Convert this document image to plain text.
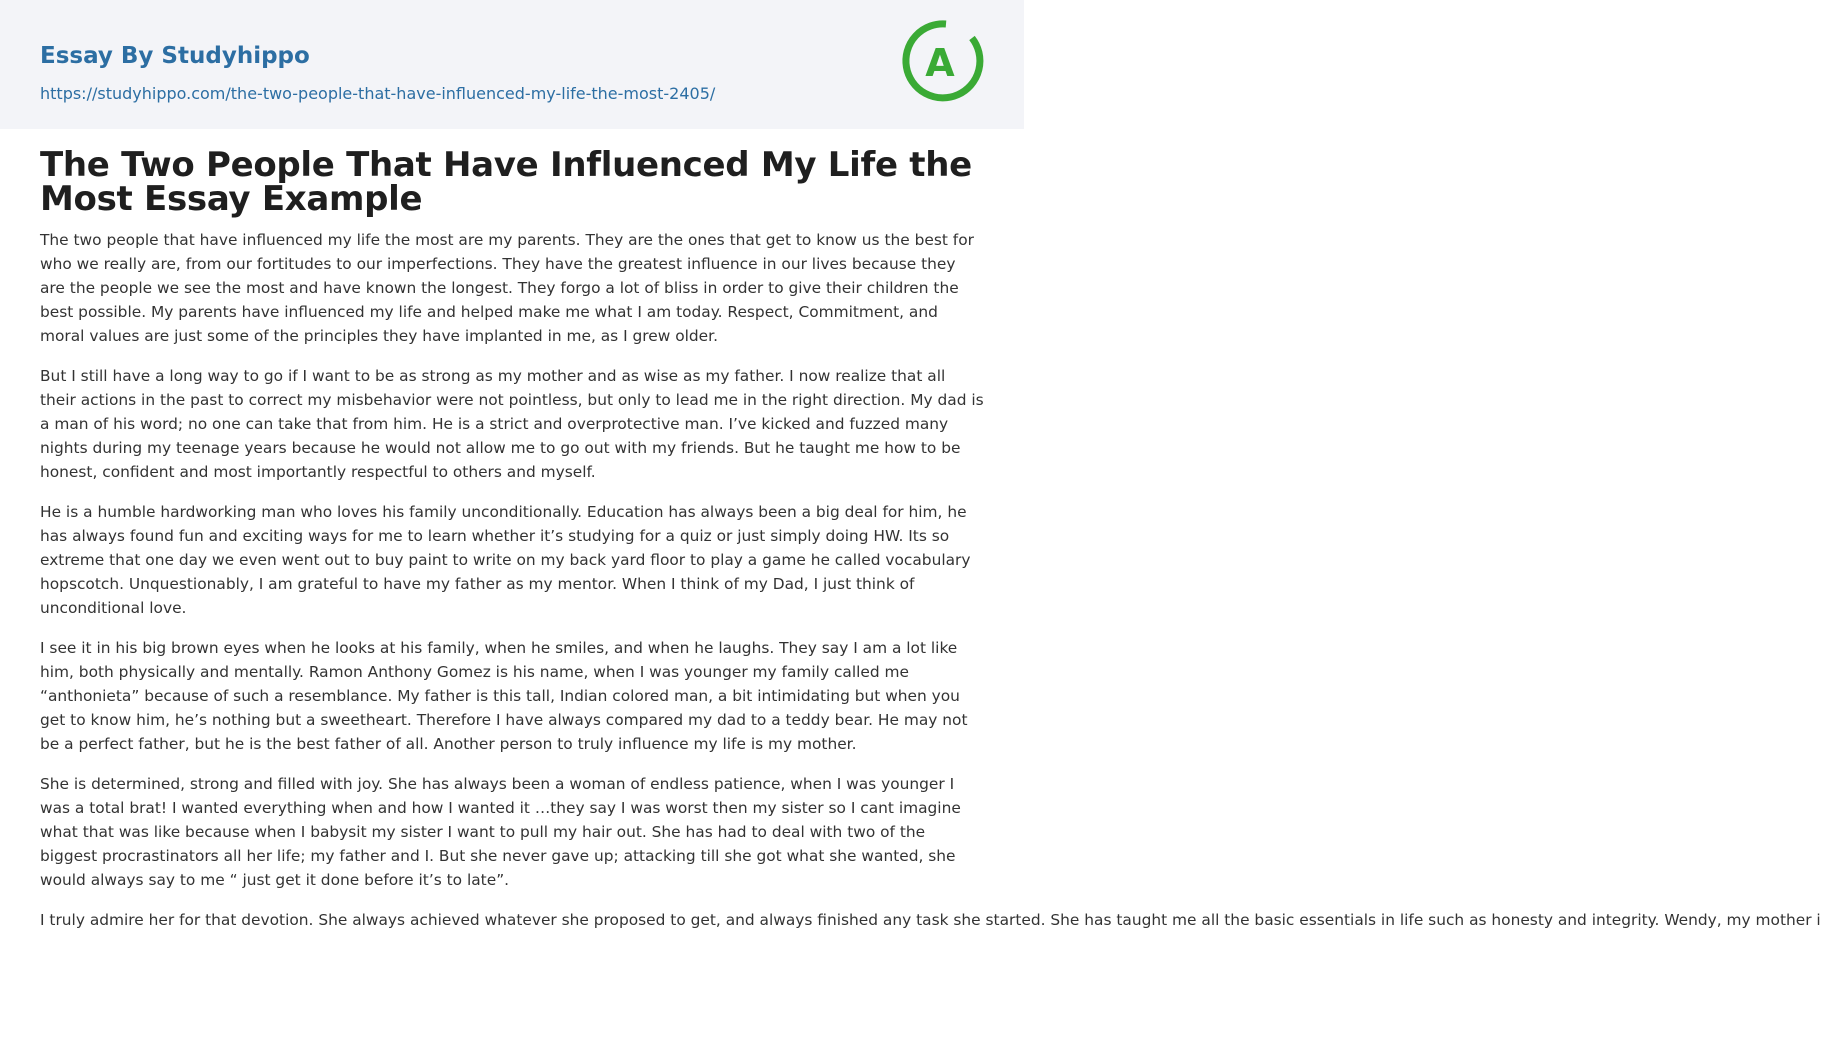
Essay By Studyhippo
https://studyhippo.com/the-two-people-that-have-influenced-my-life-the-most-2405/
A
The Two People That Have Influenced My Life the Most Essay Example

The two people that have influenced my life the most are my parents. They are the ones that get to know us the best for who we really are, from our fortitudes to our imperfections. They have the greatest influence in our lives because they are the people we see the most and have known the longest. They forgo a lot of bliss in order to give their children the best possible. My parents have influenced my life and helped make me what I am today. Respect, Commitment, and moral values are just some of the principles they have implanted in me, as I grew older.

But I still have a long way to go if I want to be as strong as my mother and as wise as my father. I now realize that all their actions in the past to correct my misbehavior were not pointless, but only to lead me in the right direction. My dad is a man of his word; no one can take that from him. He is a strict and overprotective man. I’ve kicked and fuzzed many nights during my teenage years because he would not allow me to go out with my friends. But he taught me how to be honest, confident and most importantly respectful to others and myself.

He is a humble hardworking man who loves his family unconditionally. Education has always been a big deal for him, he has always found fun and exciting ways for me to learn whether it’s studying for a quiz or just simply doing HW. Its so extreme that one day we even went out to buy paint to write on my back yard floor to play a game he called vocabulary hopscotch. Unquestionably, I am grateful to have my father as my mentor. When I think of my Dad, I just think of unconditional love.

I see it in his big brown eyes when he looks at his family, when he smiles, and when he laughs. They say I am a lot like him, both physically and mentally. Ramon Anthony Gomez is his name, when I was younger my family called me “anthonieta” because of such a resemblance. My father is this tall, Indian colored man, a bit intimidating but when you get to know him, he’s nothing but a sweetheart. Therefore I have always compared my dad to a teddy bear. He may not be a perfect father, but he is the best father of all. Another person to truly influence my life is my mother.

She is determined, strong and filled with joy. She has always been a woman of endless patience, when I was younger I was a total brat! I wanted everything when and how I wanted it …they say I was worst then my sister so I cant imagine what that was like because when I babysit my sister I want to pull my hair out. She has had to deal with two of the biggest procrastinators all her life; my father and I. But she never gave up; attacking till she got what she wanted, she would always say to me “ just get it done before it’s to late”.

I truly admire her for that devotion. She always achieved whatever she proposed to get, and always finished any task she started. She has taught me all the basic essentials in life such as honesty and integrity. Wendy, my mother i
